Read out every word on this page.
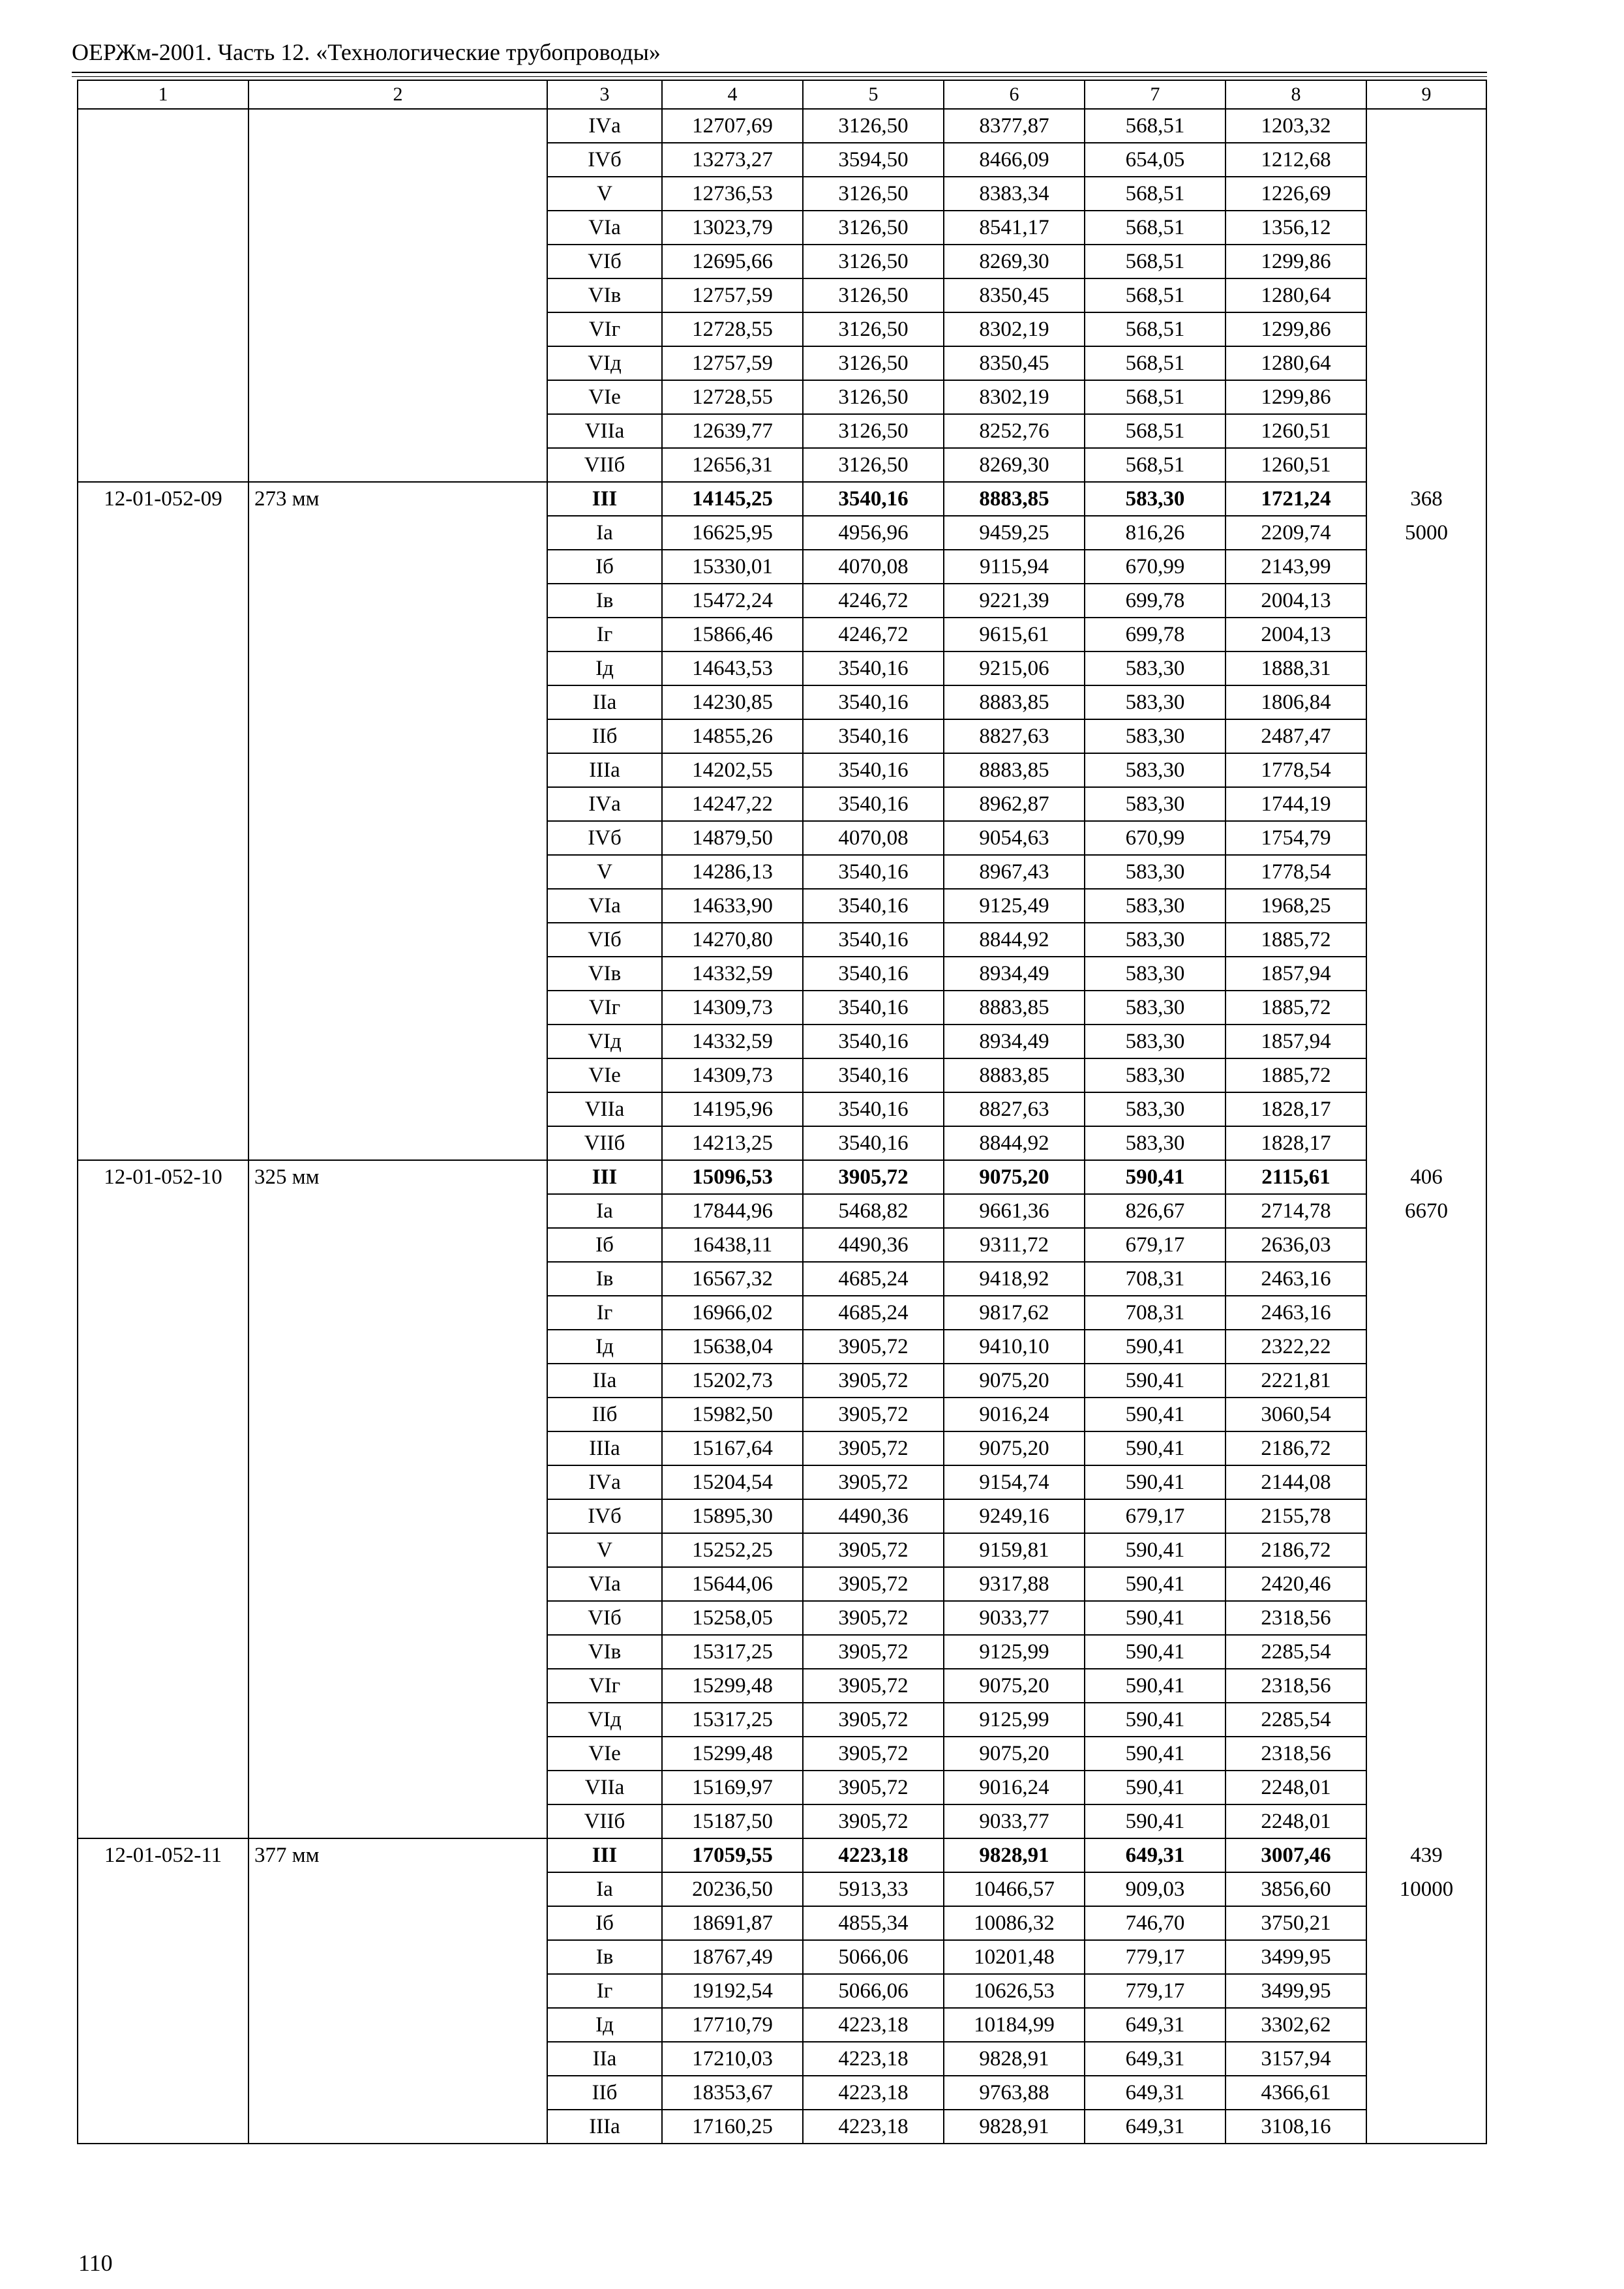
ОЕРЖм-2001. Часть 12. «Технологические трубопроводы»
1	2	3	4	5	6	7	8	9
		IVа	12707,69	3126,50	8377,87	568,51	1203,32	
		IVб	13273,27	3594,50	8466,09	654,05	1212,68	
		V	12736,53	3126,50	8383,34	568,51	1226,69	
		VIа	13023,79	3126,50	8541,17	568,51	1356,12	
		VIб	12695,66	3126,50	8269,30	568,51	1299,86	
		VIв	12757,59	3126,50	8350,45	568,51	1280,64	
		VIг	12728,55	3126,50	8302,19	568,51	1299,86	
		VIд	12757,59	3126,50	8350,45	568,51	1280,64	
		VIе	12728,55	3126,50	8302,19	568,51	1299,86	
		VIIа	12639,77	3126,50	8252,76	568,51	1260,51	
		VIIб	12656,31	3126,50	8269,30	568,51	1260,51	
12-01-052-09	273 мм	III	14145,25	3540,16	8883,85	583,30	1721,24	368
		Iа	16625,95	4956,96	9459,25	816,26	2209,74	5000
		Iб	15330,01	4070,08	9115,94	670,99	2143,99	
		Iв	15472,24	4246,72	9221,39	699,78	2004,13	
		Iг	15866,46	4246,72	9615,61	699,78	2004,13	
		Iд	14643,53	3540,16	9215,06	583,30	1888,31	
		IIа	14230,85	3540,16	8883,85	583,30	1806,84	
		IIб	14855,26	3540,16	8827,63	583,30	2487,47	
		IIIа	14202,55	3540,16	8883,85	583,30	1778,54	
		IVа	14247,22	3540,16	8962,87	583,30	1744,19	
		IVб	14879,50	4070,08	9054,63	670,99	1754,79	
		V	14286,13	3540,16	8967,43	583,30	1778,54	
		VIа	14633,90	3540,16	9125,49	583,30	1968,25	
		VIб	14270,80	3540,16	8844,92	583,30	1885,72	
		VIв	14332,59	3540,16	8934,49	583,30	1857,94	
		VIг	14309,73	3540,16	8883,85	583,30	1885,72	
		VIд	14332,59	3540,16	8934,49	583,30	1857,94	
		VIе	14309,73	3540,16	8883,85	583,30	1885,72	
		VIIа	14195,96	3540,16	8827,63	583,30	1828,17	
		VIIб	14213,25	3540,16	8844,92	583,30	1828,17	
12-01-052-10	325 мм	III	15096,53	3905,72	9075,20	590,41	2115,61	406
		Iа	17844,96	5468,82	9661,36	826,67	2714,78	6670
		Iб	16438,11	4490,36	9311,72	679,17	2636,03	
		Iв	16567,32	4685,24	9418,92	708,31	2463,16	
		Iг	16966,02	4685,24	9817,62	708,31	2463,16	
		Iд	15638,04	3905,72	9410,10	590,41	2322,22	
		IIа	15202,73	3905,72	9075,20	590,41	2221,81	
		IIб	15982,50	3905,72	9016,24	590,41	3060,54	
		IIIа	15167,64	3905,72	9075,20	590,41	2186,72	
		IVа	15204,54	3905,72	9154,74	590,41	2144,08	
		IVб	15895,30	4490,36	9249,16	679,17	2155,78	
		V	15252,25	3905,72	9159,81	590,41	2186,72	
		VIа	15644,06	3905,72	9317,88	590,41	2420,46	
		VIб	15258,05	3905,72	9033,77	590,41	2318,56	
		VIв	15317,25	3905,72	9125,99	590,41	2285,54	
		VIг	15299,48	3905,72	9075,20	590,41	2318,56	
		VIд	15317,25	3905,72	9125,99	590,41	2285,54	
		VIе	15299,48	3905,72	9075,20	590,41	2318,56	
		VIIа	15169,97	3905,72	9016,24	590,41	2248,01	
		VIIб	15187,50	3905,72	9033,77	590,41	2248,01	
12-01-052-11	377 мм	III	17059,55	4223,18	9828,91	649,31	3007,46	439
		Iа	20236,50	5913,33	10466,57	909,03	3856,60	10000
		Iб	18691,87	4855,34	10086,32	746,70	3750,21	
		Iв	18767,49	5066,06	10201,48	779,17	3499,95	
		Iг	19192,54	5066,06	10626,53	779,17	3499,95	
		Iд	17710,79	4223,18	10184,99	649,31	3302,62	
		IIа	17210,03	4223,18	9828,91	649,31	3157,94	
		IIб	18353,67	4223,18	9763,88	649,31	4366,61	
		IIIа	17160,25	4223,18	9828,91	649,31	3108,16	
110
